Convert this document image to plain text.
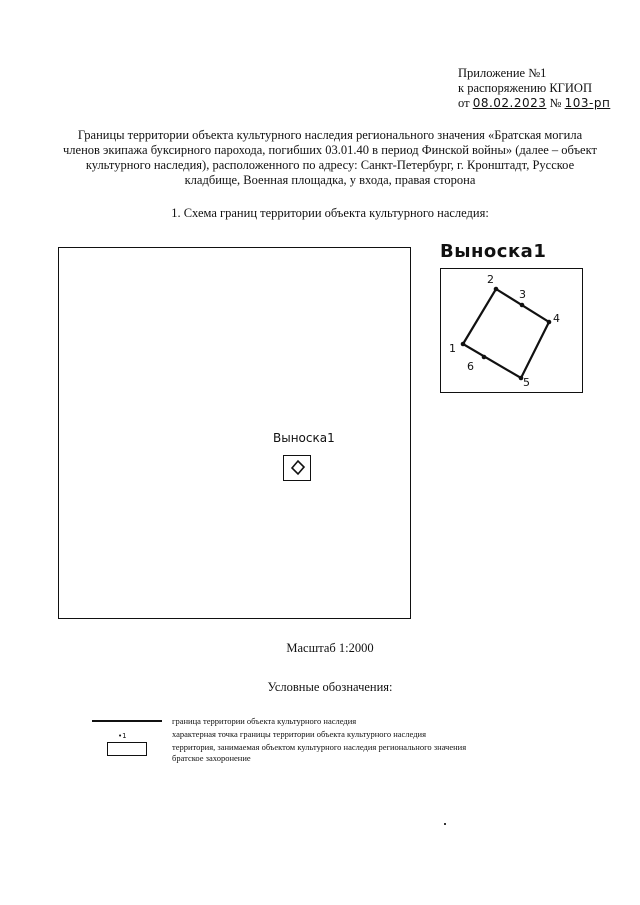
Приложение №1
к распоряжению КГИОП
от 08.02.2023 № 103-рп
Границы территории объекта культурного наследия регионального значения «Братская могила членов экипажа буксирного парохода, погибших 03.01.40 в период Финской войны» (далее – объект культурного наследия), расположенного по адресу: Санкт-Петербург, г. Кронштадт, Русское кладбище, Военная площадка, у входа, правая сторона
1. Схема границ территории объекта культурного наследия:
Выноска1
Выноска1
1
2
3
4
5
6
Масштаб 1:2000
Условные обозначения:
•1
граница территории объекта культурного наследия
характерная точка границы территории объекта культурного наследия
территория, занимаемая объектом культурного наследия регионального значения
братское захоронение
